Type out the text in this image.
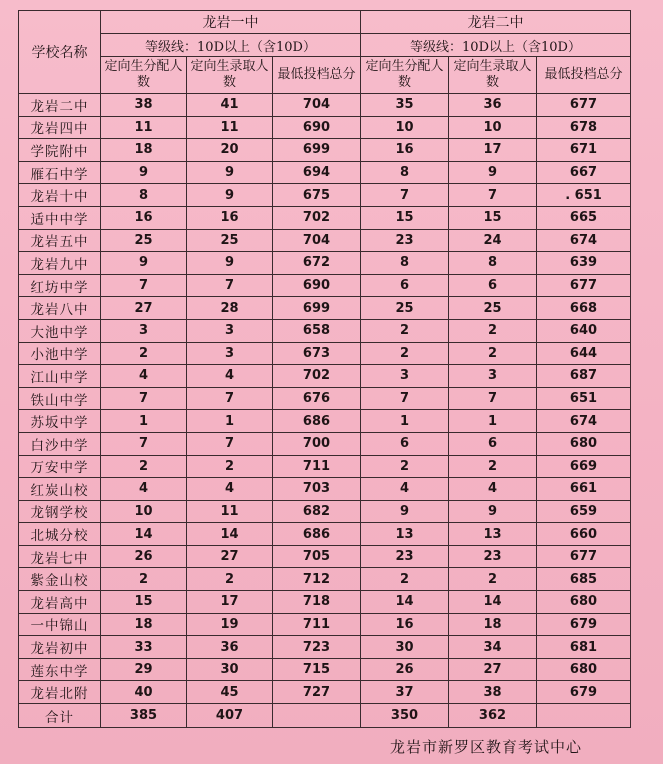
学校名称	龙岩一中			龙岩二中		
	等级线：10D以上（含10D）			等级线：10D以上（含10D）		
	定向生分配人数	定向生录取人数	最低投档总分	定向生分配人数	定向生录取人数	最低投档总分
龙岩二中	38	41	704	35	36	677
龙岩四中	11	11	690	10	10	678
学院附中	18	20	699	16	17	671
雁石中学	9	9	694	8	9	667
龙岩十中	8	9	675	7	7	. 651
适中中学	16	16	702	15	15	665
龙岩五中	25	25	704	23	24	674
龙岩九中	9	9	672	8	8	639
红坊中学	7	7	690	6	6	677
龙岩八中	27	28	699	25	25	668
大池中学	3	3	658	2	2	640
小池中学	2	3	673	2	2	644
江山中学	4	4	702	3	3	687
铁山中学	7	7	676	7	7	651
苏坂中学	1	1	686	1	1	674
白沙中学	7	7	700	6	6	680
万安中学	2	2	711	2	2	669
红炭山校	4	4	703	4	4	661
龙钢学校	10	11	682	9	9	659
北城分校	14	14	686	13	13	660
龙岩七中	26	27	705	23	23	677
紫金山校	2	2	712	2	2	685
龙岩高中	15	17	718	14	14	680
一中锦山	18	19	711	16	18	679
龙岩初中	33	36	723	30	34	681
莲东中学	29	30	715	26	27	680
龙岩北附	40	45	727	37	38	679
合计	385	407		350	362	
龙岩市新罗区教育考试中心
